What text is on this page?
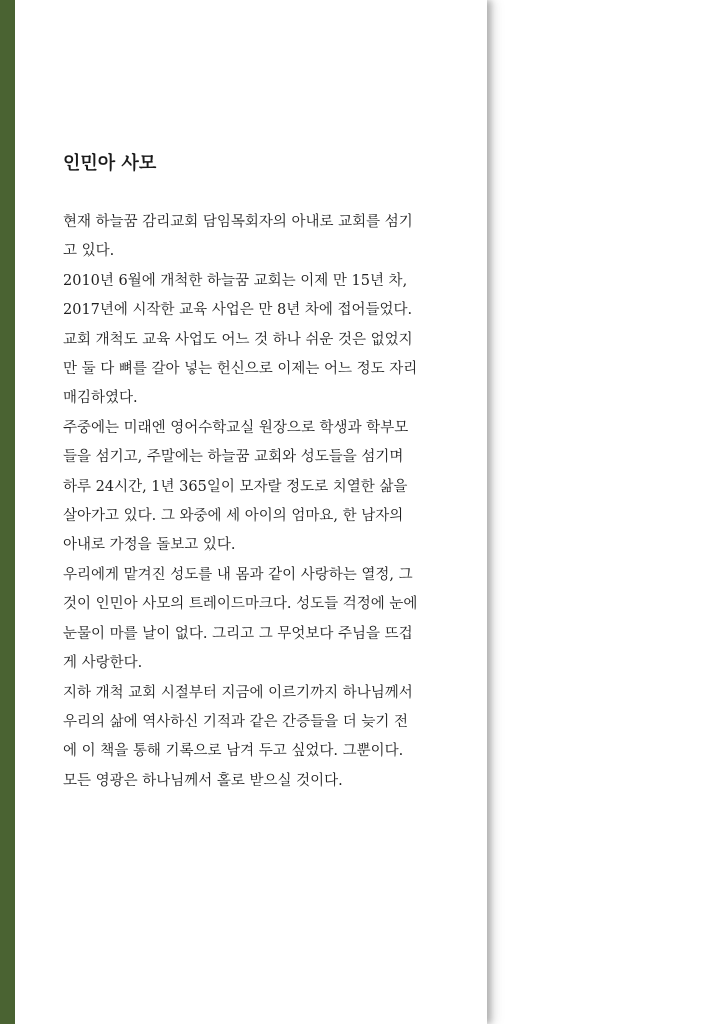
인민아 사모

현재 하늘꿈 감리교회 담임목회자의 아내로 교회를 섬기

고 있다.

2010년 6월에 개척한 하늘꿈 교회는 이제 만 15년 차,

2017년에 시작한 교육 사업은 만 8년 차에 접어들었다.

교회 개척도 교육 사업도 어느 것 하나 쉬운 것은 없었지

만 둘 다 뼈를 갈아 넣는 헌신으로 이제는 어느 정도 자리

매김하였다.

주중에는 미래엔 영어수학교실 원장으로 학생과 학부모

들을 섬기고, 주말에는 하늘꿈 교회와 성도들을 섬기며

하루 24시간, 1년 365일이 모자랄 정도로 치열한 삶을

살아가고 있다. 그 와중에 세 아이의 엄마요, 한 남자의

아내로 가정을 돌보고 있다.

우리에게 맡겨진 성도를 내 몸과 같이 사랑하는 열정, 그

것이 인민아 사모의 트레이드마크다. 성도들 걱정에 눈에

눈물이 마를 날이 없다. 그리고 그 무엇보다 주님을 뜨겁

게 사랑한다.

지하 개척 교회 시절부터 지금에 이르기까지 하나님께서

우리의 삶에 역사하신 기적과 같은 간증들을 더 늦기 전

에 이 책을 통해 기록으로 남겨 두고 싶었다. 그뿐이다.

모든 영광은 하나님께서 홀로 받으실 것이다.
